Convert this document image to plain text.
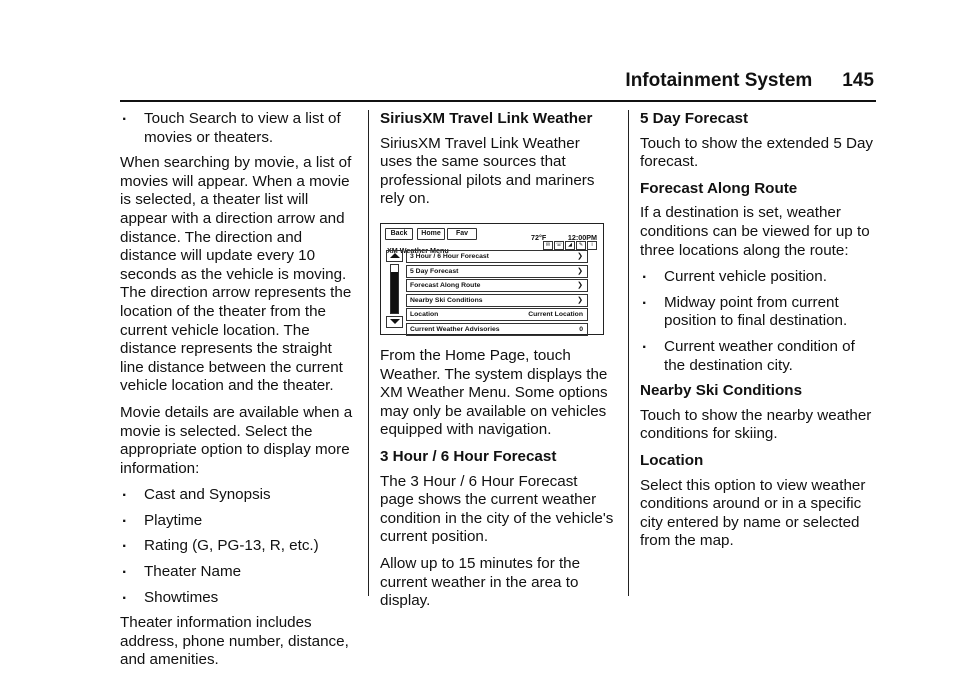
Infotainment System 145
. Touch Search to view a list of movies or theaters.

When searching by movie, a list of movies will appear. When a movie is selected, a theater list will appear with a direction arrow and distance. The direction and distance will update every 10 seconds as the vehicle is moving. The direction arrow represents the location of the theater from the current vehicle location. The distance represents the straight line distance between the current vehicle location and the theater.

Movie details are available when a movie is selected. Select the appropriate option to display more information:

. Cast and Synopsis
. Playtime
. Rating (G, PG-13, R, etc.)
. Theater Name
. Showtimes

Theater information includes address, phone number, distance, and amenities.

SiriusXM Travel Link Weather

SiriusXM Travel Link Weather uses the same sources that professional pilots and mariners rely on.

Back	Home	Fav	72°F	12:00PM
XM Weather Menu
✉	☏	◢	✎	i
3 Hour / 6 Hour Forecast	❯
5 Day Forecast	❯
Forecast Along Route	❯
Nearby Ski Conditions	❯
Location	Current Location
Current Weather Advisories	0

From the Home Page, touch Weather. The system displays the XM Weather Menu. Some options may only be available on vehicles equipped with navigation.

3 Hour / 6 Hour Forecast

The 3 Hour / 6 Hour Forecast page shows the current weather condition in the city of the vehicle's current position.

Allow up to 15 minutes for the current weather in the area to display.

5 Day Forecast

Touch to show the extended 5 Day forecast.

Forecast Along Route

If a destination is set, weather conditions can be viewed for up to three locations along the route:

. Current vehicle position.
. Midway point from current position to final destination.
. Current weather condition of the destination city.

Nearby Ski Conditions

Touch to show the nearby weather conditions for skiing.

Location

Select this option to view weather conditions around or in a specific city entered by name or selected from the map.
